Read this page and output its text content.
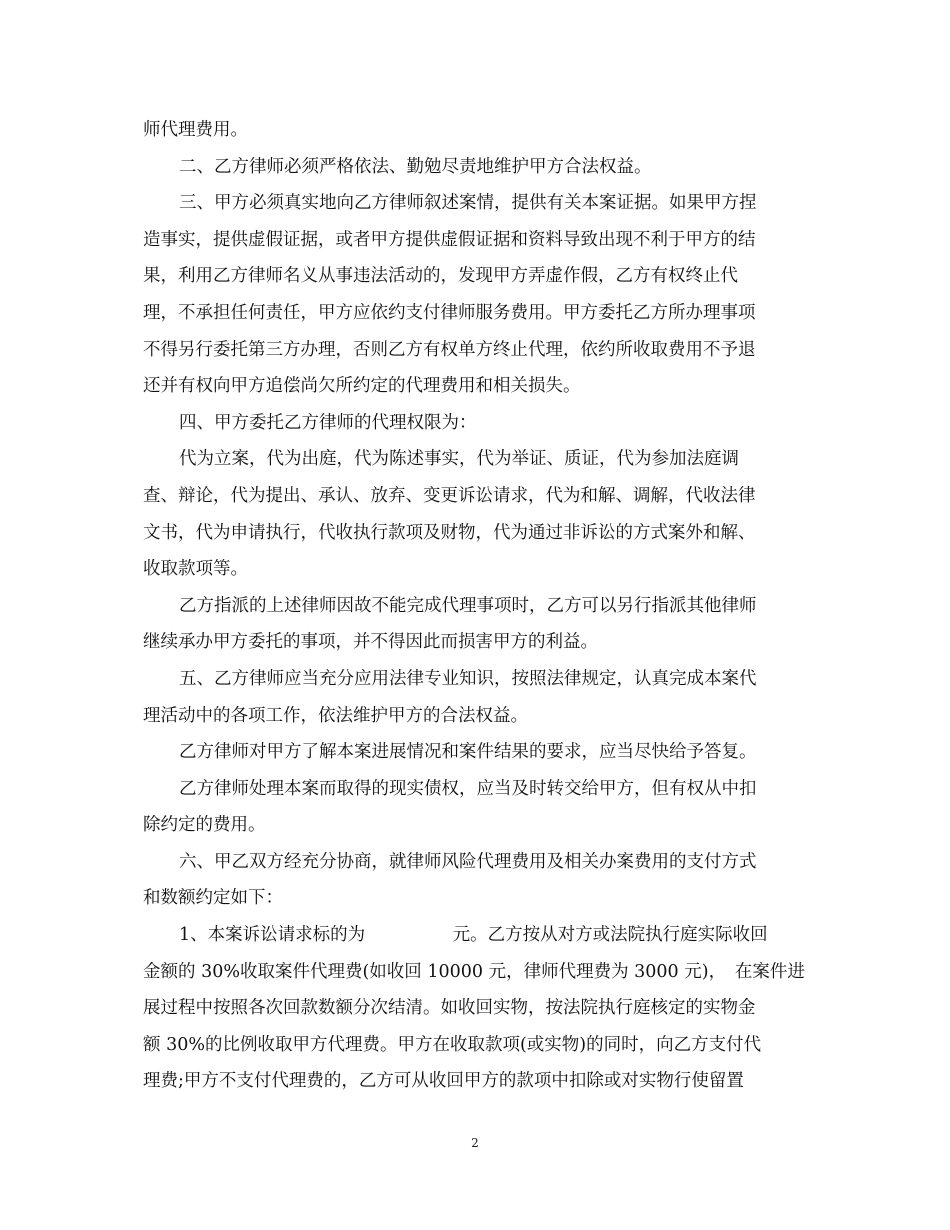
师代理费用。
二、乙方律师必须严格依法、勤勉尽责地维护甲方合法权益。
三、甲方必须真实地向乙方律师叙述案情，提供有关本案证据。如果甲方捏
造事实，提供虚假证据，或者甲方提供虚假证据和资料导致出现不利于甲方的结
果，利用乙方律师名义从事违法活动的，发现甲方弄虚作假，乙方有权终止代
理，不承担任何责任，甲方应依约支付律师服务费用。甲方委托乙方所办理事项
不得另行委托第三方办理，否则乙方有权单方终止代理，依约所收取费用不予退
还并有权向甲方追偿尚欠所约定的代理费用和相关损失。
四、甲方委托乙方律师的代理权限为：
代为立案，代为出庭，代为陈述事实，代为举证、质证，代为参加法庭调
查、辩论，代为提出、承认、放弃、变更诉讼请求，代为和解、调解，代收法律
文书，代为申请执行，代收执行款项及财物，代为通过非诉讼的方式案外和解、
收取款项等。
乙方指派的上述律师因故不能完成代理事项时，乙方可以另行指派其他律师
继续承办甲方委托的事项，并不得因此而损害甲方的利益。
五、乙方律师应当充分应用法律专业知识，按照法律规定，认真完成本案代
理活动中的各项工作，依法维护甲方的合法权益。
乙方律师对甲方了解本案进展情况和案件结果的要求，应当尽快给予答复。
乙方律师处理本案而取得的现实债权，应当及时转交给甲方，但有权从中扣
除约定的费用。
六、甲乙双方经充分协商，就律师风险代理费用及相关办案费用的支付方式
和数额约定如下：
1、本案诉讼请求标的为　　　　　元。乙方按从对方或法院执行庭实际收回
金额的 30%收取案件代理费(如收回 10000 元，律师代理费为 3000 元)，　在案件进
展过程中按照各次回款数额分次结清。如收回实物，按法院执行庭核定的实物金
额 30%的比例收取甲方代理费。甲方在收取款项(或实物)的同时，向乙方支付代
理费;甲方不支付代理费的，乙方可从收回甲方的款项中扣除或对实物行使留置
2
